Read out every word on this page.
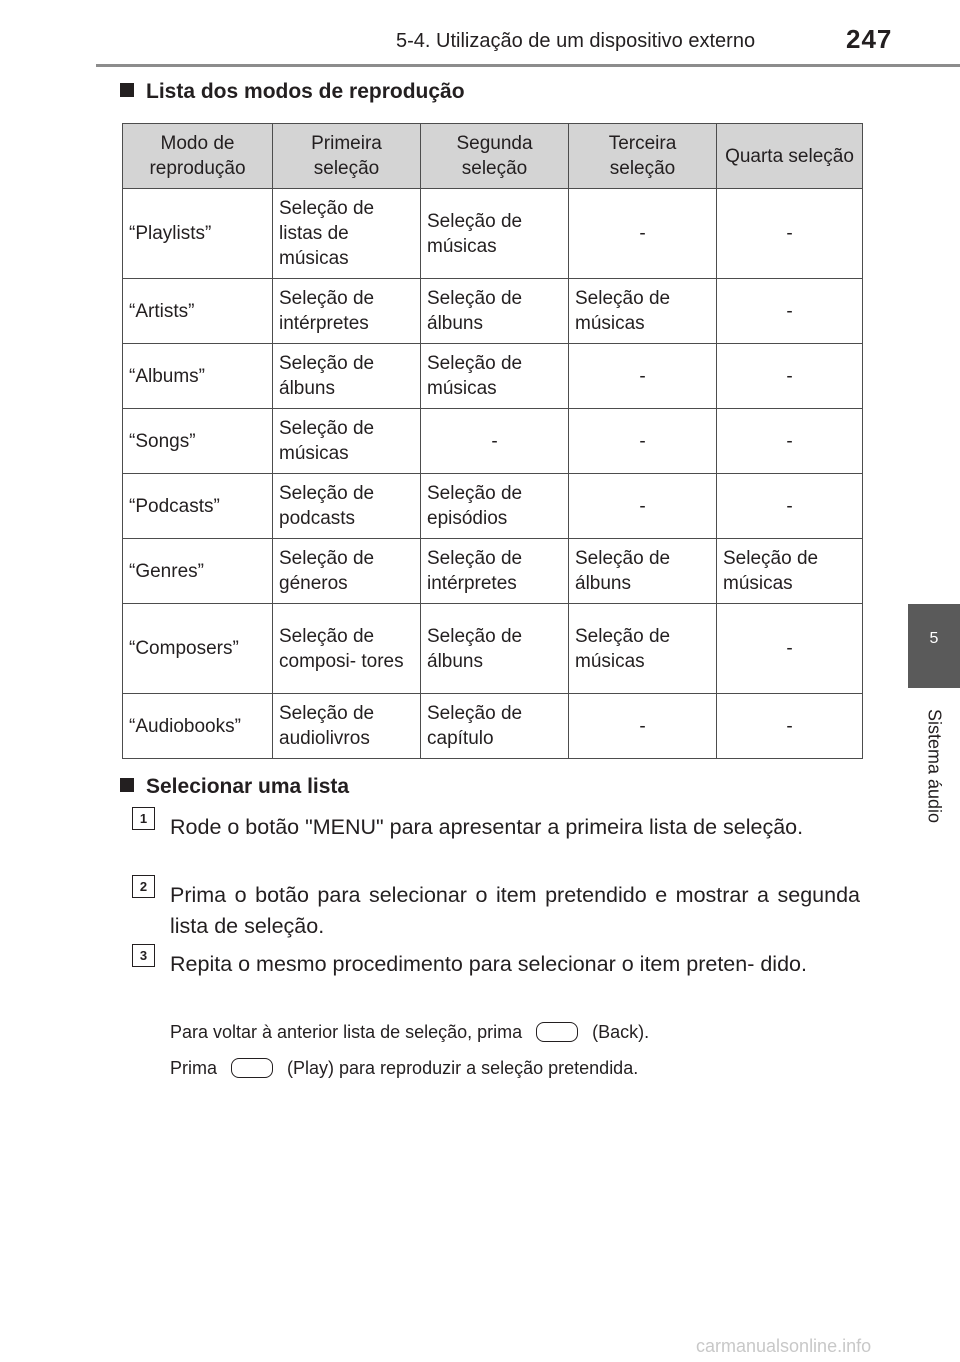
5-4. Utilização de um dispositivo externo	247
5
Sistema áudio
Lista dos modos de reprodução
Modo de reprodução	Primeira seleção	Segunda seleção	Terceira seleção	Quarta seleção
“Playlists”	Seleção de listas de músicas	Seleção de músicas	-	-
“Artists”	Seleção de intérpretes	Seleção de álbuns	Seleção de músicas	-
“Albums”	Seleção de álbuns	Seleção de músicas	-	-
“Songs”	Seleção de músicas	-	-	-
“Podcasts”	Seleção de podcasts	Seleção de episódios	-	-
“Genres”	Seleção de géneros	Seleção de intérpretes	Seleção de álbuns	Seleção de músicas
“Composers”	Seleção de composi- tores	Seleção de álbuns	Seleção de músicas	-
“Audiobooks”	Seleção de audiolivros	Seleção de capítulo	-	-
Selecionar uma lista
1	Rode o botão "MENU" para apresentar a primeira lista de seleção.
2	Prima o botão para selecionar o item pretendido e mostrar a segunda lista de seleção.
3	Repita o mesmo procedimento para selecionar o item preten- dido.
Para voltar à anterior lista de seleção, prima	(Back).
Prima	(Play) para reproduzir a seleção pretendida.
carmanualsonline.info
